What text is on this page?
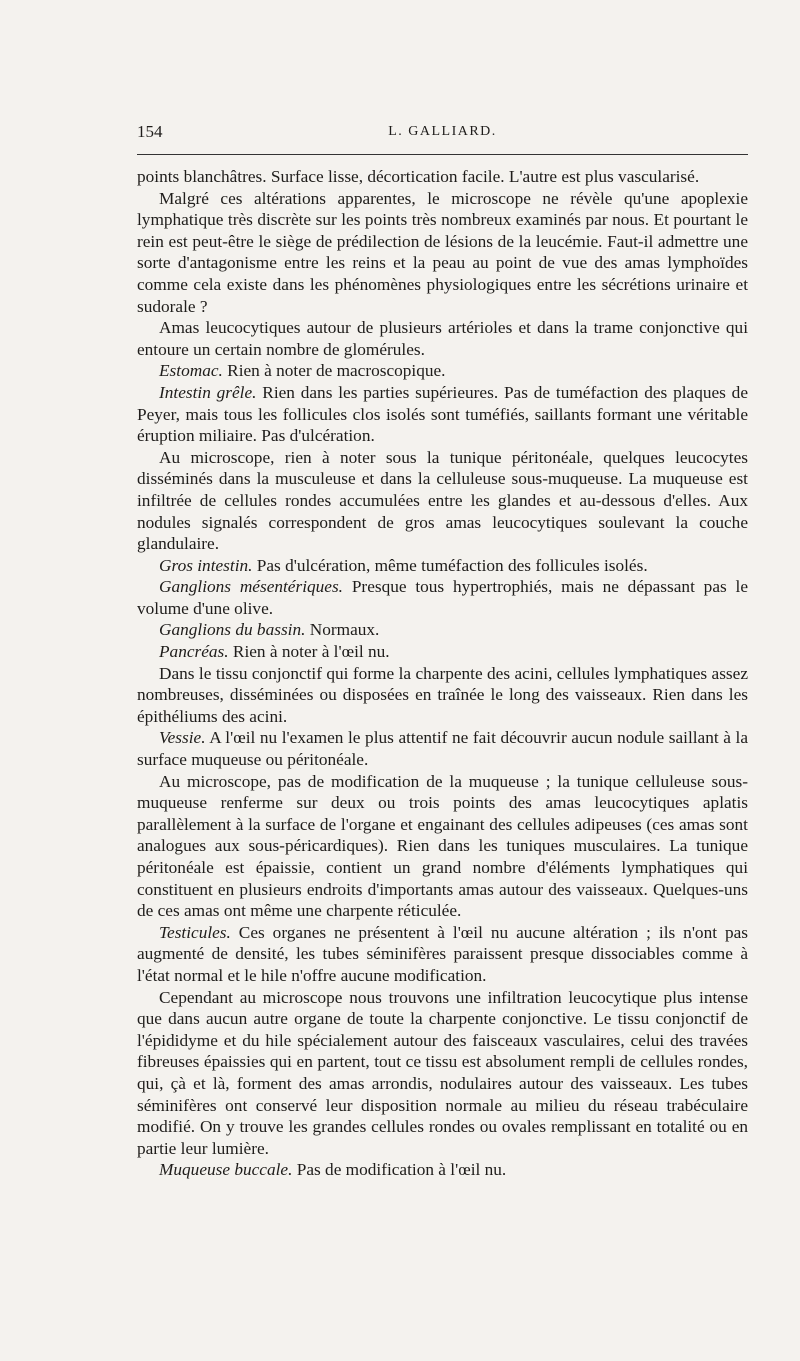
154	L. GALLIARD.

points blanchâtres. Surface lisse, décortication facile. L'autre est plus vascularisé.

Malgré ces altérations apparentes, le microscope ne révèle qu'une apoplexie lymphatique très discrète sur les points très nombreux examinés par nous. Et pourtant le rein est peut-être le siège de prédilection de lésions de la leucémie. Faut-il admettre une sorte d'antagonisme entre les reins et la peau au point de vue des amas lymphoïdes comme cela existe dans les phénomènes physiologiques entre les sécrétions urinaire et sudorale ?

Amas leucocytiques autour de plusieurs artérioles et dans la trame conjonctive qui entoure un certain nombre de glomérules.

Estomac. Rien à noter de macroscopique.

Intestin grêle. Rien dans les parties supérieures. Pas de tuméfaction des plaques de Peyer, mais tous les follicules clos isolés sont tuméfiés, saillants formant une véritable éruption miliaire. Pas d'ulcération.

Au microscope, rien à noter sous la tunique péritonéale, quelques leucocytes disséminés dans la musculeuse et dans la celluleuse sous-muqueuse. La muqueuse est infiltrée de cellules rondes accumulées entre les glandes et au-dessous d'elles. Aux nodules signalés correspondent de gros amas leucocytiques soulevant la couche glandulaire.

Gros intestin. Pas d'ulcération, même tuméfaction des follicules isolés.

Ganglions mésentériques. Presque tous hypertrophiés, mais ne dépassant pas le volume d'une olive.

Ganglions du bassin. Normaux.

Pancréas. Rien à noter à l'œil nu.

Dans le tissu conjonctif qui forme la charpente des acini, cellules lymphatiques assez nombreuses, disséminées ou disposées en traînée le long des vaisseaux. Rien dans les épithéliums des acini.

Vessie. A l'œil nu l'examen le plus attentif ne fait découvrir aucun nodule saillant à la surface muqueuse ou péritonéale.

Au microscope, pas de modification de la muqueuse ; la tunique celluleuse sous-muqueuse renferme sur deux ou trois points des amas leucocytiques aplatis parallèlement à la surface de l'organe et engainant des cellules adipeuses (ces amas sont analogues aux sous-péricardiques). Rien dans les tuniques musculaires. La tunique péritonéale est épaissie, contient un grand nombre d'éléments lymphatiques qui constituent en plusieurs endroits d'importants amas autour des vaisseaux. Quelques-uns de ces amas ont même une charpente réticulée.

Testicules. Ces organes ne présentent à l'œil nu aucune altération ; ils n'ont pas augmenté de densité, les tubes séminifères paraissent presque dissociables comme à l'état normal et le hile n'offre aucune modification.

Cependant au microscope nous trouvons une infiltration leucocytique plus intense que dans aucun autre organe de toute la charpente conjonctive. Le tissu conjonctif de l'épididyme et du hile spécialement autour des faisceaux vasculaires, celui des travées fibreuses épaissies qui en partent, tout ce tissu est absolument rempli de cellules rondes, qui, çà et là, forment des amas arrondis, nodulaires autour des vaisseaux. Les tubes séminifères ont conservé leur disposition normale au milieu du réseau trabéculaire modifié. On y trouve les grandes cellules rondes ou ovales remplissant en totalité ou en partie leur lumière.

Muqueuse buccale. Pas de modification à l'œil nu.
